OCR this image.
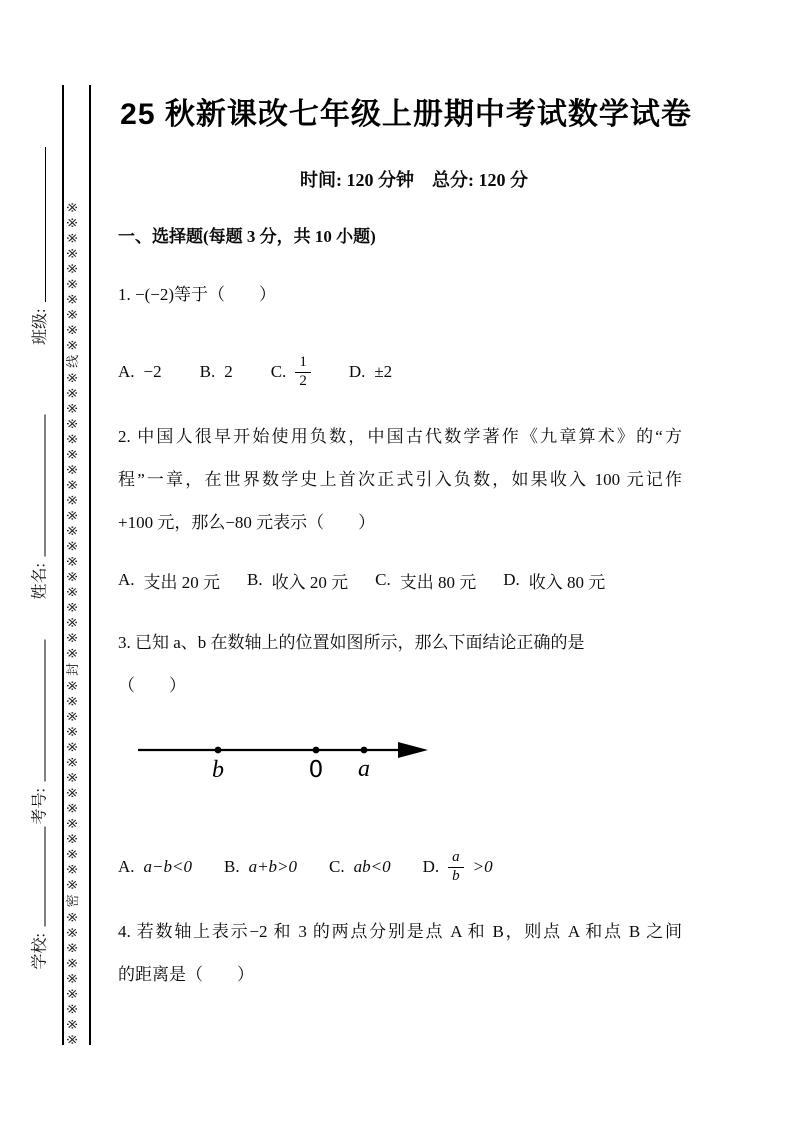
班级:
姓名:
考号:
学校:	※※※※※※※※※密※※※※※※※※※※※※※※封※※※※※※※※※※※※※※※※※※※线※※※※※※※※※※
25 秋新课改七年级上册期中考试数学试卷
时间: 120 分钟　总分: 120 分
一、选择题(每题 3 分，共 10 小题)
1. −(−2)等于（　　）
A. −2 B. 2 C. $\frac{1}{2} D$. ±2
2. 中国人很早开始使用负数，中国古代数学著作《九章算术》的“方
程”一章，在世界数学史上首次正式引入负数，如果收入 100 元记作
+100 元，那么−80 元表示（　　）
A. 支出 20 元 B. 收入 20 元 C. 支出 80 元 D. 收入 80 元
3. 已知 a、b 在数轴上的位置如图所示，那么下面结论正确的是
（　　）
b	0 a
A. a−b<0 B. a+b>0 C. ab<0 D. $\frac{a}{b} >0$
4. 若数轴上表示−2 和 3 的两点分别是点 A 和 B，则点 A 和点 B 之间
的距离是（　　）
